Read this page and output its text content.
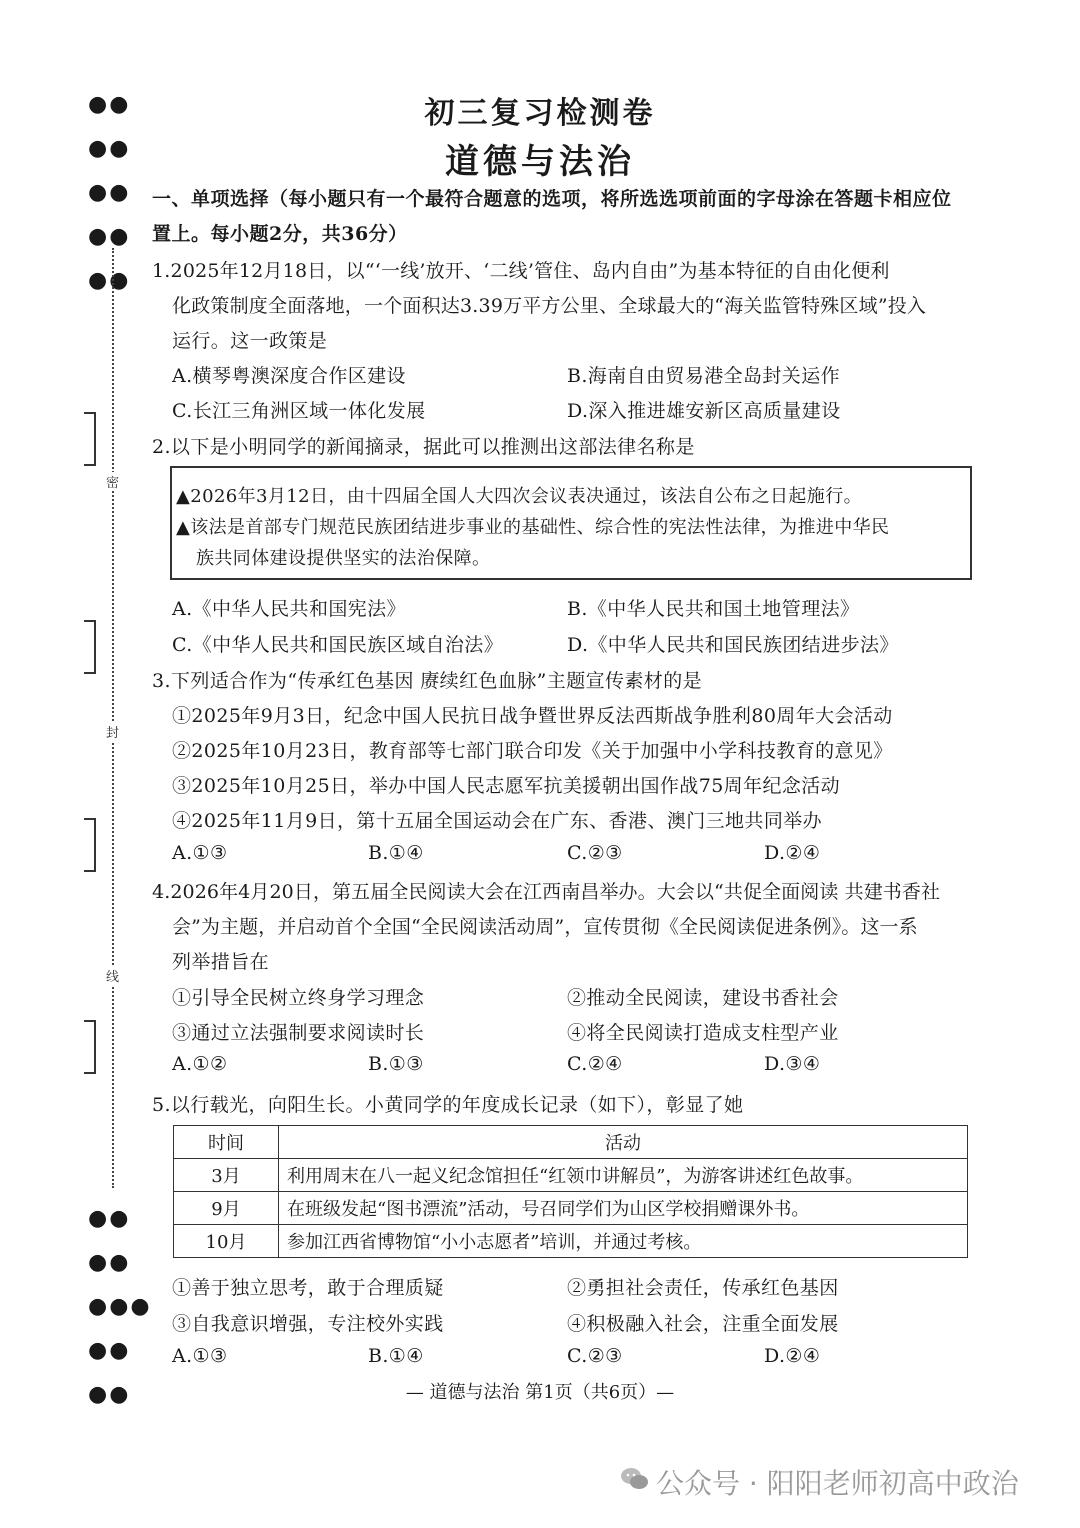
●●

●●

●●

●●

●●
密
封
线
●●

●●

●●●

●●

●●
初三复习检测卷
道德与法治
一、单项选择（每小题只有一个最符合题意的选项，将所选选项前面的字母涂在答题卡相应位
置上。每小题2分，共36分）
1.2025年12月18日，以“‘一线’放开、‘二线’管住、岛内自由”为基本特征的自由化便利
化政策制度全面落地，一个面积达3.39万平方公里、全球最大的“海关监管特殊区域”投入
运行。这一政策是
A.横琴粤澳深度合作区建设	B.海南自由贸易港全岛封关运作
C.长江三角洲区域一体化发展	D.深入推进雄安新区高质量建设
2.以下是小明同学的新闻摘录，据此可以推测出这部法律名称是
▲2026年3月12日，由十四届全国人大四次会议表决通过，该法自公布之日起施行。
▲该法是首部专门规范民族团结进步事业的基础性、综合性的宪法性法律，为推进中华民
族共同体建设提供坚实的法治保障。
A.《中华人民共和国宪法》	B.《中华人民共和国土地管理法》
C.《中华人民共和国民族区域自治法》	D.《中华人民共和国民族团结进步法》
3.下列适合作为“传承红色基因 赓续红色血脉”主题宣传素材的是
①2025年9月3日，纪念中国人民抗日战争暨世界反法西斯战争胜利80周年大会活动
②2025年10月23日，教育部等七部门联合印发《关于加强中小学科技教育的意见》
③2025年10月25日，举办中国人民志愿军抗美援朝出国作战75周年纪念活动
④2025年11月9日，第十五届全国运动会在广东、香港、澳门三地共同举办
A.①③	B.①④	C.②③	D.②④
4.2026年4月20日，第五届全民阅读大会在江西南昌举办。大会以“共促全面阅读 共建书香社
会”为主题，并启动首个全国“全民阅读活动周”，宣传贯彻《全民阅读促进条例》。这一系
列举措旨在
①引导全民树立终身学习理念	②推动全民阅读，建设书香社会
③通过立法强制要求阅读时长	④将全民阅读打造成支柱型产业
A.①②	B.①③	C.②④	D.③④
5.以行载光，向阳生长。小黄同学的年度成长记录（如下），彰显了她
时间	活动
3月	利用周末在八一起义纪念馆担任“红领巾讲解员”，为游客讲述红色故事。
9月	在班级发起“图书漂流”活动，号召同学们为山区学校捐赠课外书。
10月	参加江西省博物馆“小小志愿者”培训，并通过考核。
①善于独立思考，敢于合理质疑	②勇担社会责任，传承红色基因
③自我意识增强，专注校外实践	④积极融入社会，注重全面发展
A.①③	B.①④	C.②③	D.②④
— 道德与法治 第1页（共6页）—
公众号 · 阳阳老师初高中政治
